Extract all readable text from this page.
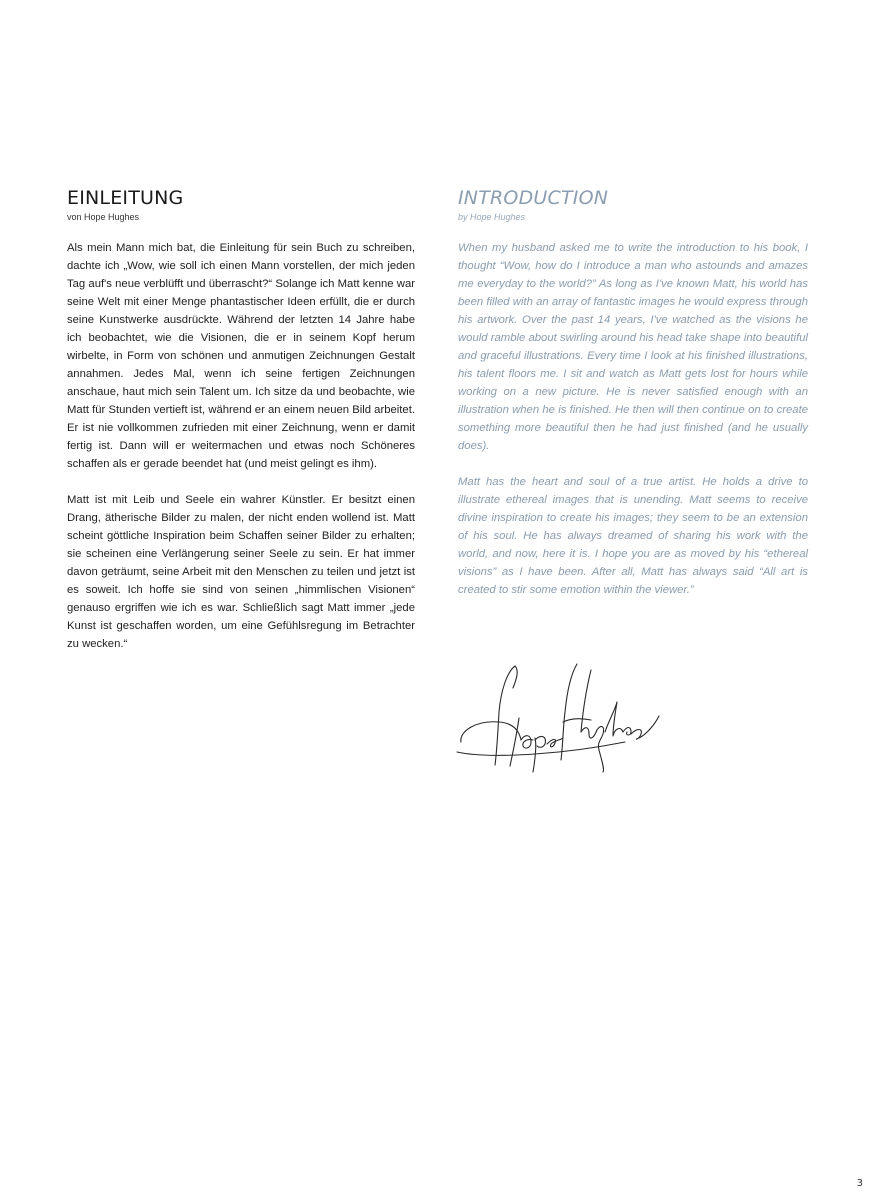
EINLEITUNG

von Hope Hughes

Als mein Mann mich bat, die Einleitung für sein Buch zu schreiben, dachte ich „Wow, wie soll ich einen Mann vorstellen, der mich jeden Tag auf's neue verblüfft und überrascht?“ Solange ich Matt kenne war seine Welt mit einer Menge phantastischer Ideen erfüllt, die er durch seine Kunstwerke ausdrückte. Während der letzten 14 Jahre habe ich beobachtet, wie die Visionen, die er in seinem Kopf herum wirbelte, in Form von schönen und anmutigen Zeichnungen Gestalt annahmen. Jedes Mal, wenn ich seine fertigen Zeichnungen anschaue, haut mich sein Talent um. Ich sitze da und beobachte, wie Matt für Stunden vertieft ist, während er an einem neuen Bild arbeitet. Er ist nie vollkommen zufrieden mit einer Zeichnung, wenn er damit fertig ist. Dann will er weitermachen und etwas noch Schöneres schaffen als er gerade beendet hat (und meist gelingt es ihm).

Matt ist mit Leib und Seele ein wahrer Künstler. Er besitzt einen Drang, ätherische Bilder zu malen, der nicht enden wollend ist. Matt scheint göttliche Inspiration beim Schaffen seiner Bilder zu erhalten; sie scheinen eine Verlängerung seiner Seele zu sein. Er hat immer davon geträumt, seine Arbeit mit den Menschen zu teilen und jetzt ist es soweit. Ich hoffe sie sind von seinen „himmlischen Visionen“ genauso ergriffen wie ich es war. Schließlich sagt Matt immer „jede Kunst ist geschaffen worden, um eine Gefühlsregung im Betrachter zu wecken.“

INTRODUCTION

by Hope Hughes

When my husband asked me to write the introduction to his book, I thought “Wow, how do I introduce a man who astounds and amazes me everyday to the world?” As long as I've known Matt, his world has been filled with an array of fantastic images he would express through his artwork. Over the past 14 years, I've watched as the visions he would ramble about swirling around his head take shape into beautiful and graceful illustrations. Every time I look at his finished illustrations, his talent floors me. I sit and watch as Matt gets lost for hours while working on a new picture. He is never satisfied enough with an illustration when he is finished. He then will then continue on to create something more beautiful then he had just finished (and he usually does).

Matt has the heart and soul of a true artist. He holds a drive to illustrate ethereal images that is unending. Matt seems to receive divine inspiration to create his images; they seem to be an extension of his soul. He has always dreamed of sharing his work with the world, and now, here it is. I hope you are as moved by his “ethereal visions” as I have been. After all, Matt has always said “All art is created to stir some emotion within the viewer.”

3
